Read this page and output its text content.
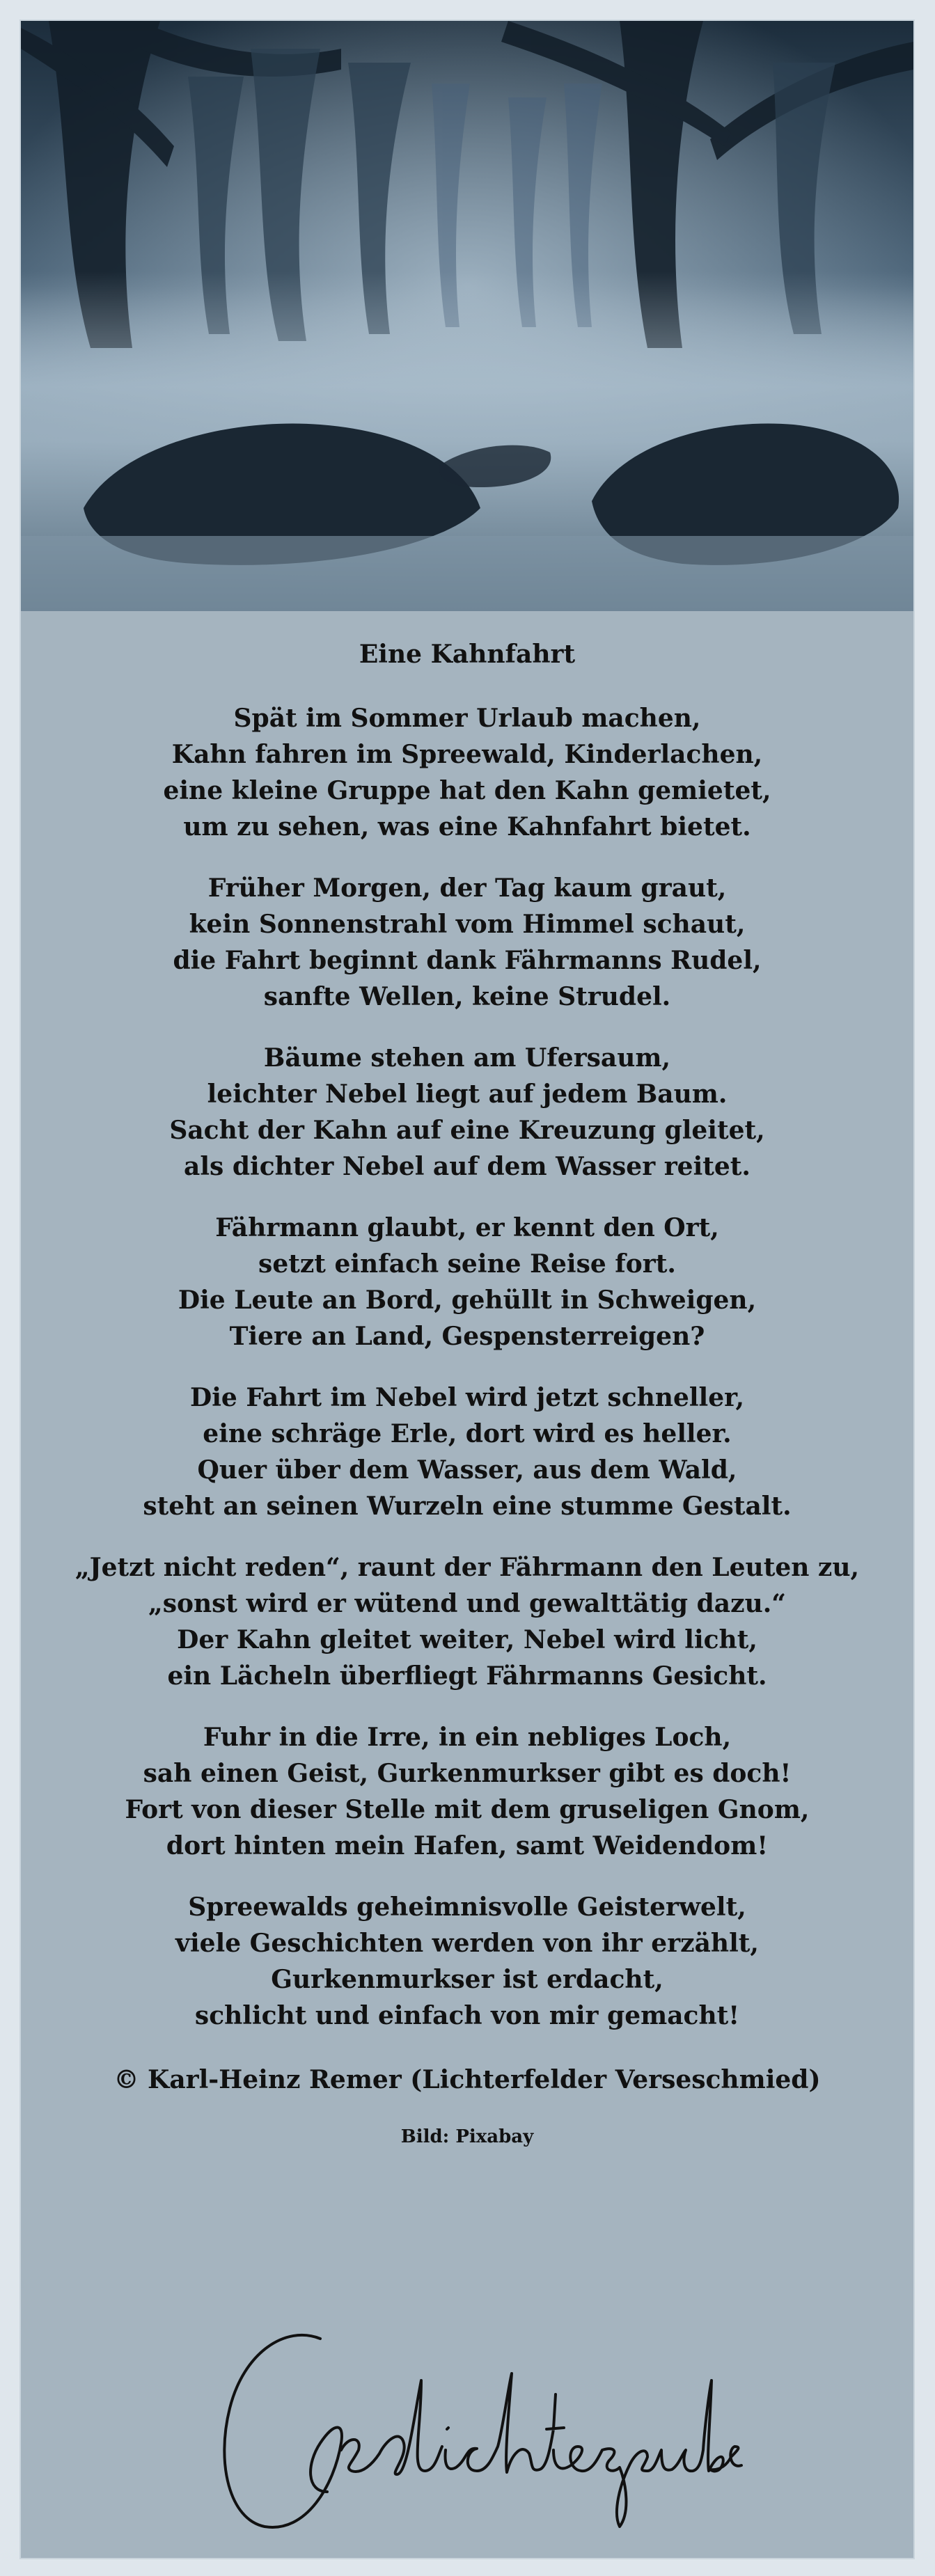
Eine Kahnfahrt
Spät im Sommer Urlaub machen,
Kahn fahren im Spreewald, Kinderlachen,
eine kleine Gruppe hat den Kahn gemietet,
um zu sehen, was eine Kahnfahrt bietet.
Früher Morgen, der Tag kaum graut,
kein Sonnenstrahl vom Himmel schaut,
die Fahrt beginnt dank Fährmanns Rudel,
sanfte Wellen, keine Strudel.
Bäume stehen am Ufersaum,
leichter Nebel liegt auf jedem Baum.
Sacht der Kahn auf eine Kreuzung gleitet,
als dichter Nebel auf dem Wasser reitet.
Fährmann glaubt, er kennt den Ort,
setzt einfach seine Reise fort.
Die Leute an Bord, gehüllt in Schweigen,
Tiere an Land, Gespensterreigen?
Die Fahrt im Nebel wird jetzt schneller,
eine schräge Erle, dort wird es heller.
Quer über dem Wasser, aus dem Wald,
steht an seinen Wurzeln eine stumme Gestalt.
„Jetzt nicht reden“, raunt der Fährmann den Leuten zu,
„sonst wird er wütend und gewalttätig dazu.“
Der Kahn gleitet weiter, Nebel wird licht,
ein Lächeln überfliegt Fährmanns Gesicht.
Fuhr in die Irre, in ein nebliges Loch,
sah einen Geist, Gurkenmurkser gibt es doch!
Fort von dieser Stelle mit dem gruseligen Gnom,
dort hinten mein Hafen, samt Weidendom!
Spreewalds geheimnisvolle Geisterwelt,
viele Geschichten werden von ihr erzählt,
Gurkenmurkser ist erdacht,
schlicht und einfach von mir gemacht!
© Karl-Heinz Remer (Lichterfelder Verseschmied)
Bild: Pixabay
